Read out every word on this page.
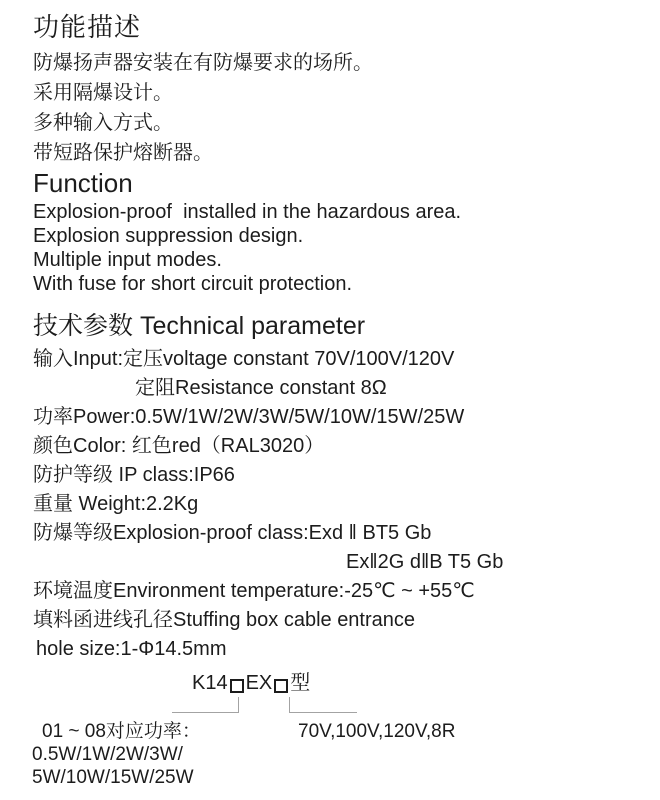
功能描述
防爆扬声器安装在有防爆要求的场所。
采用隔爆设计。
多种输入方式。
带短路保护熔断器。
Function
Explosion-proof  installed in the hazardous area.
Explosion suppression design.
Multiple input modes.
With fuse for short circuit protection.
技术参数 Technical parameter
输入Input:定压voltage constant 70V/100V/120V
定阻Resistance constant 8Ω
功率Power:0.5W/1W/2W/3W/5W/10W/15W/25W
颜色Color: 红色red（RAL3020）
防护等级 IP class:IP66
重量 Weight:2.2Kg
防爆等级Explosion-proof class:Exd ‖ BT5 Gb
Ex‖2G d‖B T5 Gb
环境温度Environment temperature:-25℃ ~ +55℃
填料函进线孔径Stuffing box cable entrance
hole size:1-Φ14.5mm
K14 EX 型
01 ~ 08对应功率：
0.5W/1W/2W/3W/
5W/10W/15W/25W
70V,100V,120V,8R
